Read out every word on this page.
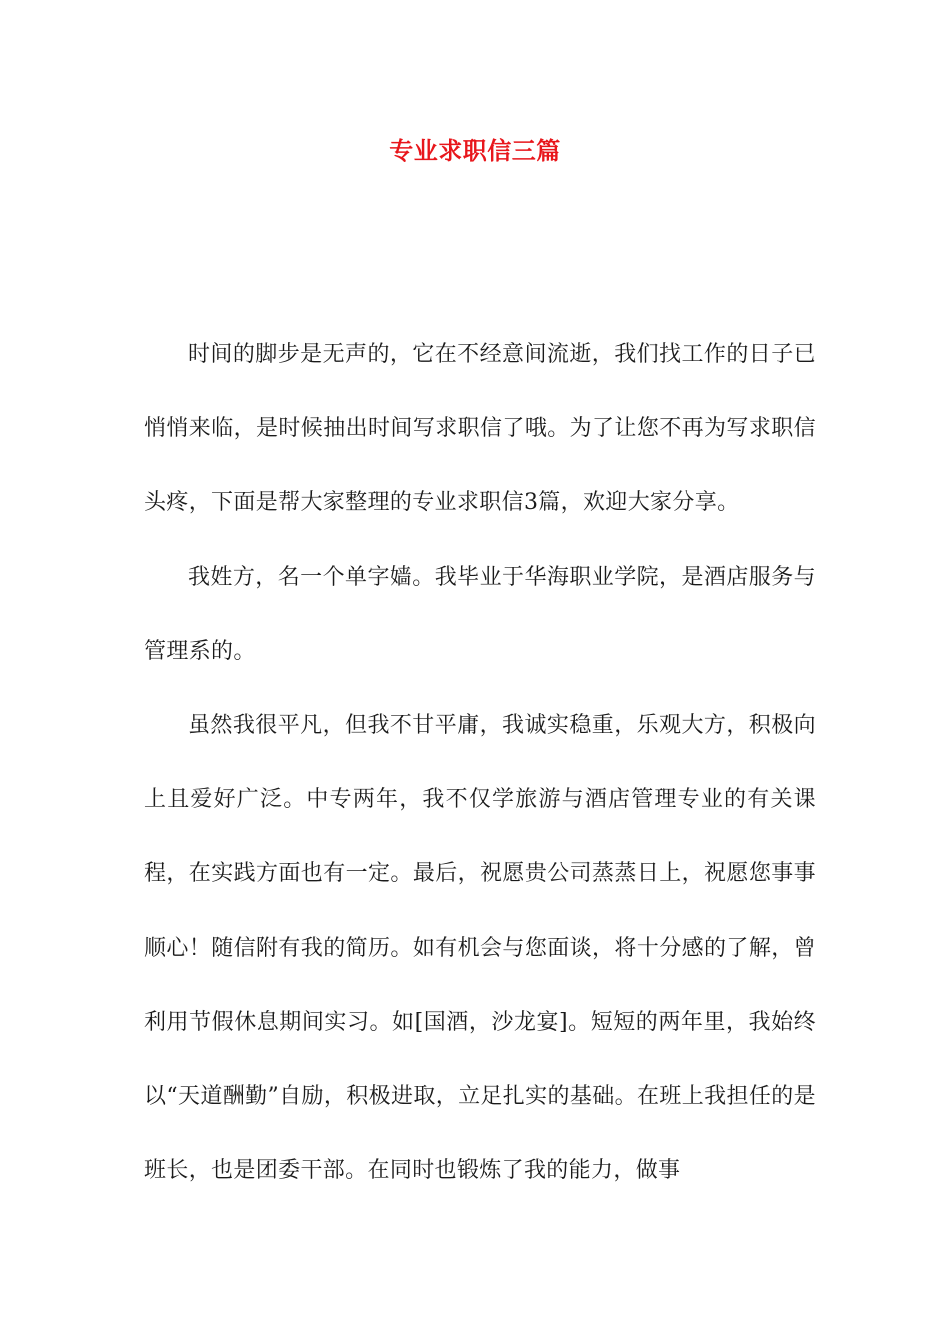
专业求职信三篇

时间的脚步是无声的，它在不经意间流逝，我们找工作的日子已悄悄来临，是时候抽出时间写求职信了哦。为了让您不再为写求职信头疼，下面是帮大家整理的专业求职信3篇，欢迎大家分享。

我姓方，名一个单字嫱。我毕业于华海职业学院，是酒店服务与管理系的。

虽然我很平凡，但我不甘平庸，我诚实稳重，乐观大方，积极向上且爱好广泛。中专两年，我不仅学旅游与酒店管理专业的有关课程，在实践方面也有一定。最后，祝愿贵公司蒸蒸日上，祝愿您事事顺心！随信附有我的简历。如有机会与您面谈，将十分感的了解，曾利用节假休息期间实习。如[国酒，沙龙宴]。短短的两年里，我始终以“天道酬勤”自励，积极进取，立足扎实的基础。在班上我担任的是班长，也是团委干部。在同时也锻炼了我的能力，做事
